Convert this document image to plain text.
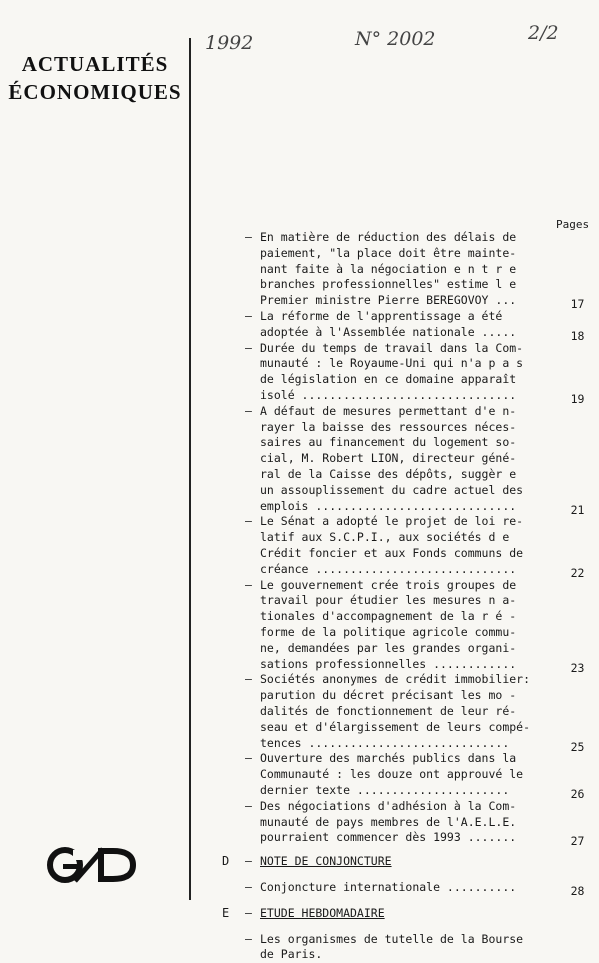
ACTUALITÉS
ÉCONOMIQUES
1992	N° 2002	2/2
Pages
– En matière de réduction des délais de
paiement, "la place doit être mainte-
nant faite à la négociation e n t r e
branches professionnelles" estime l e
Premier ministre Pierre BEREGOVOY ...	17
– La réforme de l'apprentissage a été
adoptée à l'Assemblée nationale .....	18
– Durée du temps de travail dans la Com-
munauté : le Royaume-Uni qui n'a p a s
de législation en ce domaine apparaît
isolé ...............................	19
– A défaut de mesures permettant d'e n-
rayer la baisse des ressources néces-
saires au financement du logement so-
cial, M. Robert LION, directeur géné-
ral de la Caisse des dépôts, suggèr e
un assouplissement du cadre actuel des
emplois .............................	21
– Le Sénat a adopté le projet de loi re-
latif aux S.C.P.I., aux sociétés d e
Crédit foncier et aux Fonds communs de
créance .............................	22
– Le gouvernement crée trois groupes de
travail pour étudier les mesures n a-
tionales d'accompagnement de la r é -
forme de la politique agricole commu-
ne, demandées par les grandes organi-
sations professionnelles ............	23
– Sociétés anonymes de crédit immobilier:
parution du décret précisant les mo -
dalités de fonctionnement de leur ré-
seau et d'élargissement de leurs compé-
tences .............................	25
– Ouverture des marchés publics dans la
Communauté : les douze ont approuvé le
dernier texte ......................	26
– Des négociations d'adhésion à la Com-
munauté de pays membres de l'A.E.L.E.
pourraient commencer dès 1993 .......	27
D – NOTE DE CONJONCTURE
– Conjoncture internationale ..........	28
E – ETUDE HEBDOMADAIRE
– Les organismes de tutelle de la Bourse
de Paris.
